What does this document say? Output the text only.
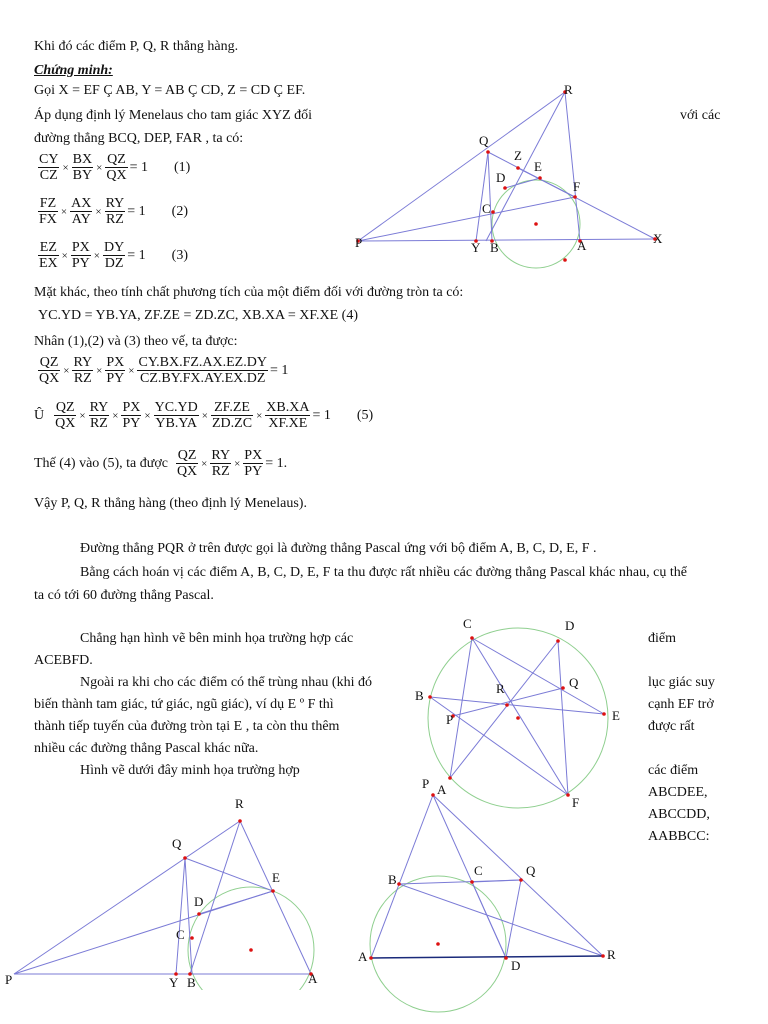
Khi đó các điểm P, Q, R thẳng hàng.
Chứng minh:
Gọi X = EF Ç AB, Y = AB Ç CD, Z = CD Ç EF.
Áp dụng định lý Menelaus cho tam giác XYZ đối	với các
đường thẳng BCQ, DEP, FAR , ta có:
$\frac{CY}{CZ} \times \frac{BX}{BY} \times \frac{QZ}{QX} = 1$ (1)
$\frac{FZ}{FX} \times \frac{AX}{AY} \times \frac{RY}{RZ} = 1$ (2)
$\frac{EZ}{EX} \times \frac{PX}{PY} \times \frac{DY}{DZ} = 1$ (3)
Mặt khác, theo tính chất phương tích của một điểm đối với đường tròn ta có:
YC.YD = YB.YA, ZF.ZE = ZD.ZC, XB.XA = XF.XE (4)
Nhân (1),(2) và (3) theo vế, ta được:
$\frac{QZ}{QX} \times \frac{RY}{RZ} \times \frac{PX}{PY} \times \frac{CY.BX.FZ.AX.EZ.DY}{CZ.BY.FX.AY.EX.DZ} = 1$
Û $\frac{QZ}{QX} \times \frac{RY}{RZ} \times \frac{PX}{PY} \times \frac{YC.YD}{YB.YA} \times \frac{ZF.ZE}{ZD.ZC} \times \frac{XB.XA}{XF.XE} = 1$ (5)
Thế (4) vào (5), ta được $\frac{QZ}{QX} \times \frac{RY}{RZ} \times \frac{PX}{PY} = 1$.
Vậy P, Q, R thẳng hàng (theo định lý Menelaus).
Đường thẳng PQR ở trên được gọi là đường thẳng Pascal ứng với bộ điểm A, B, C, D, E, F .
Bằng cách hoán vị các điểm A, B, C, D, E, F ta thu được rất nhiều các đường thẳng Pascal khác nhau, cụ thể
ta có tới 60 đường thẳng Pascal.
Chẳng hạn hình vẽ bên minh họa trường hợp các
ACEBFD.
điểm
Ngoài ra khi cho các điểm có thể trùng nhau (khi đó
biến thành tam giác, tứ giác, ngũ giác), ví dụ E º F thì
thành tiếp tuyến của đường tròn tại E , ta còn thu thêm
nhiều các đường thẳng Pascal khác nữa.
lục giác suy
cạnh EF trở
được rất
Hình vẽ dưới đây minh họa trường hợp	các điểm
ABCDEE,
ABCCDD,
AABBCC:
R
Q
Z
E
D
F
C
P	Y B	A	X
C	D
B	R	Q
E
P
A
F
R
Q
E
D
C
P	Y B	A
P
B
C	Q
A
D
R
